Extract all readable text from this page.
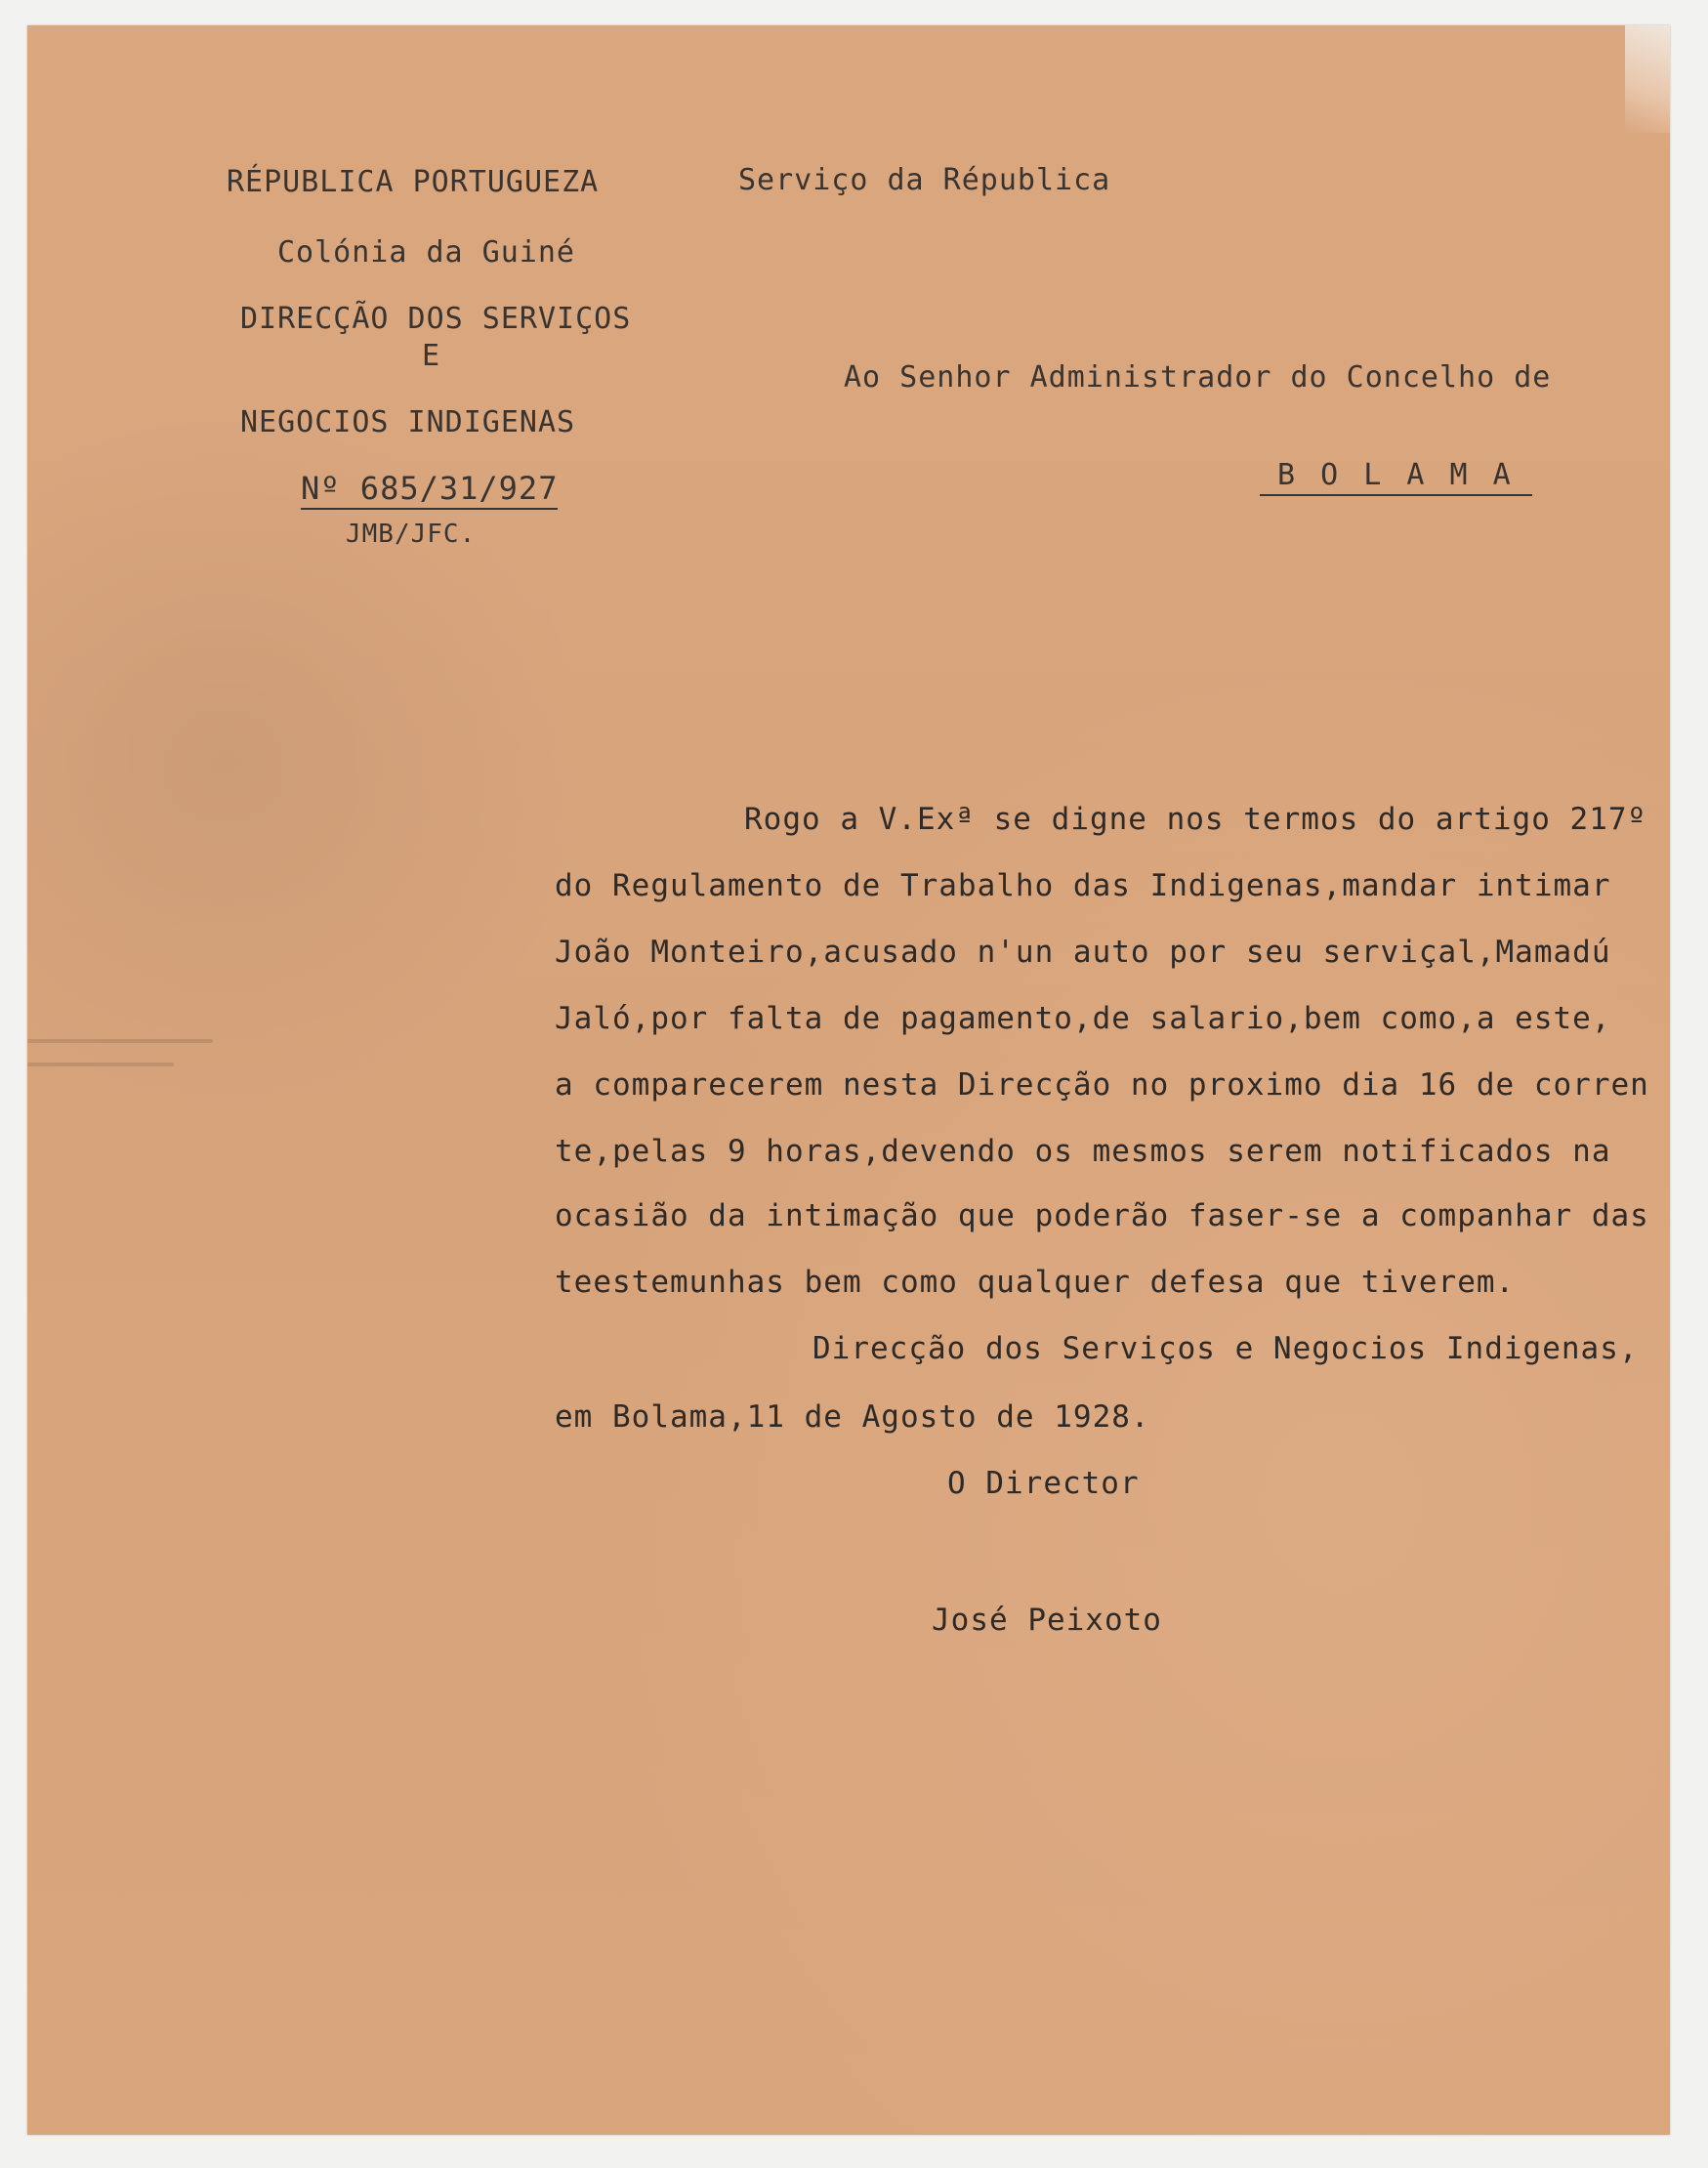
RÉPUBLICA PORTUGUEZA
Colónia da Guiné
DIRECÇÃO DOS SERVIÇOS
E
NEGOCIOS INDIGENAS
Nº 685/31/927
JMB/JFC.
Serviço da Républica
Ao Senhor Administrador do Concelho de
B O L A M A
Rogo a V.Exª se digne nos termos do artigo 217º
do Regulamento de Trabalho das Indigenas,mandar intimar
João Monteiro,acusado n'un auto por seu serviçal,Mamadú
Jaló,por falta de pagamento,de salario,bem como,a este,
a comparecerem nesta Direcção no proximo dia 16 de corren
te,pelas 9 horas,devendo os mesmos serem notificados na
ocasião da intimação que poderão faser-se a companhar das
teestemunhas bem como qualquer defesa que tiverem.
Direcção dos Serviços e Negocios Indigenas,
em Bolama,11 de Agosto de 1928.
O Director
José Peixoto
